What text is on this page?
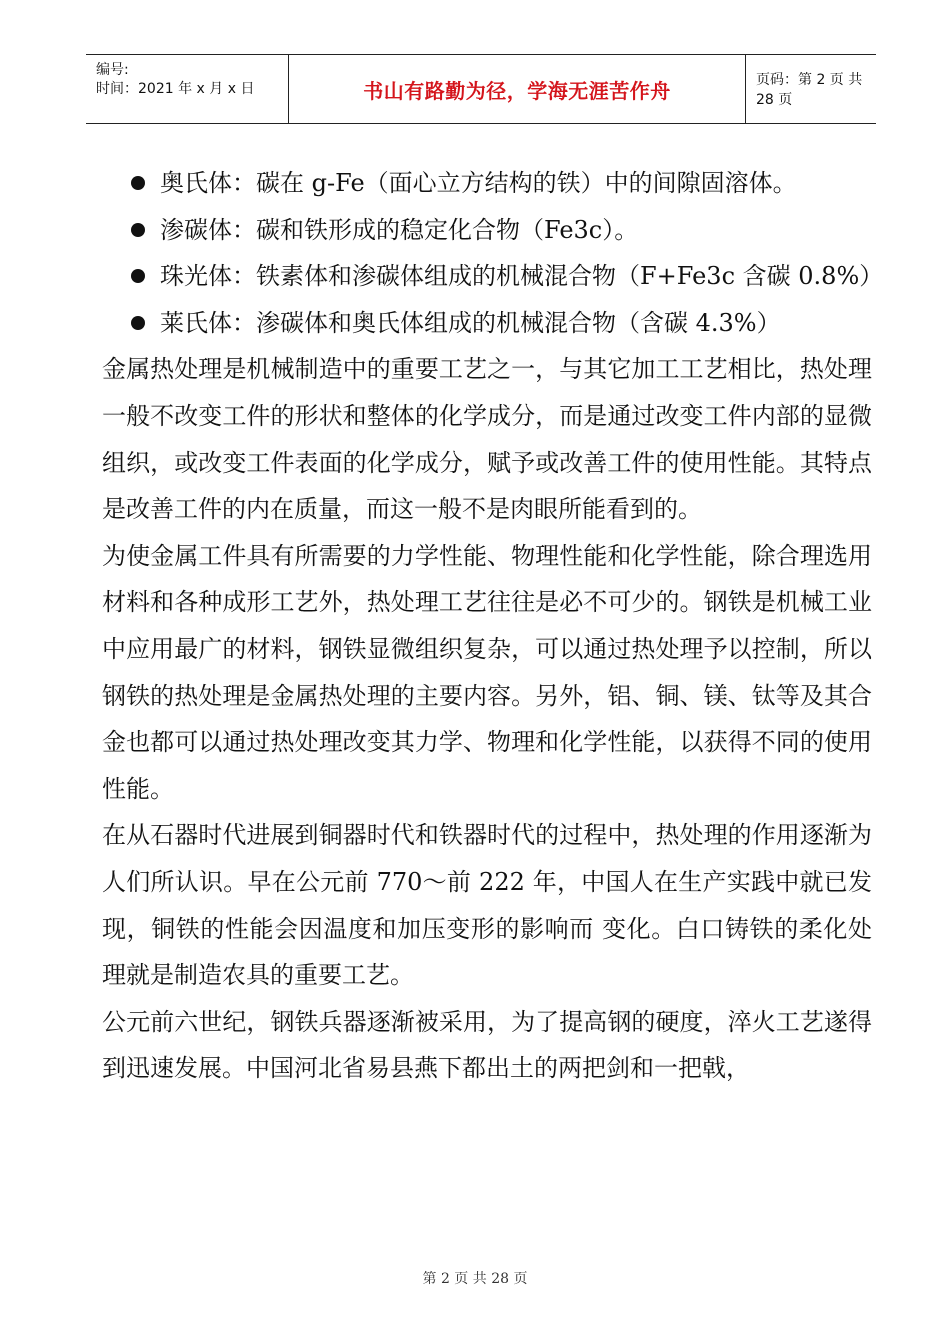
编号:
时间：2021 年 x 月 x 日	书山有路勤为径，学海无涯苦作舟	页码：第 2 页 共 28 页
奥氏体：碳在 g-Fe（面心立方结构的铁）中的间隙固溶体。
渗碳体：碳和铁形成的稳定化合物（Fe3c）。
珠光体：铁素体和渗碳体组成的机械混合物（F+Fe3c 含碳 0.8%）
莱氏体：渗碳体和奥氏体组成的机械混合物（含碳 4.3%）

金属热处理是机械制造中的重要工艺之一，与其它加工工艺相比，热处理一般不改变工件的形状和整体的化学成分，而是通过改变工件内部的显微组织，或改变工件表面的化学成分，赋予或改善工件的使用性能。其特点是改善工件的内在质量，而这一般不是肉眼所能看到的。

为使金属工件具有所需要的力学性能、物理性能和化学性能，除合理选用材料和各种成形工艺外，热处理工艺往往是必不可少的。钢铁是机械工业中应用最广的材料，钢铁显微组织复杂，可以通过热处理予以控制，所以钢铁的热处理是金属热处理的主要内容。另外，铝、铜、镁、钛等及其合金也都可以通过热处理改变其力学、物理和化学性能，以获得不同的使用性能。

在从石器时代进展到铜器时代和铁器时代的过程中，热处理的作用逐渐为人们所认识。早在公元前 770～前 222 年，中国人在生产实践中就已发现，铜铁的性能会因温度和加压变形的影响而 变化。白口铸铁的柔化处理就是制造农具的重要工艺。

公元前六世纪，钢铁兵器逐渐被采用，为了提高钢的硬度，淬火工艺遂得到迅速发展。中国河北省易县燕下都出土的两把剑和一把戟，

第 2 页 共 28 页
